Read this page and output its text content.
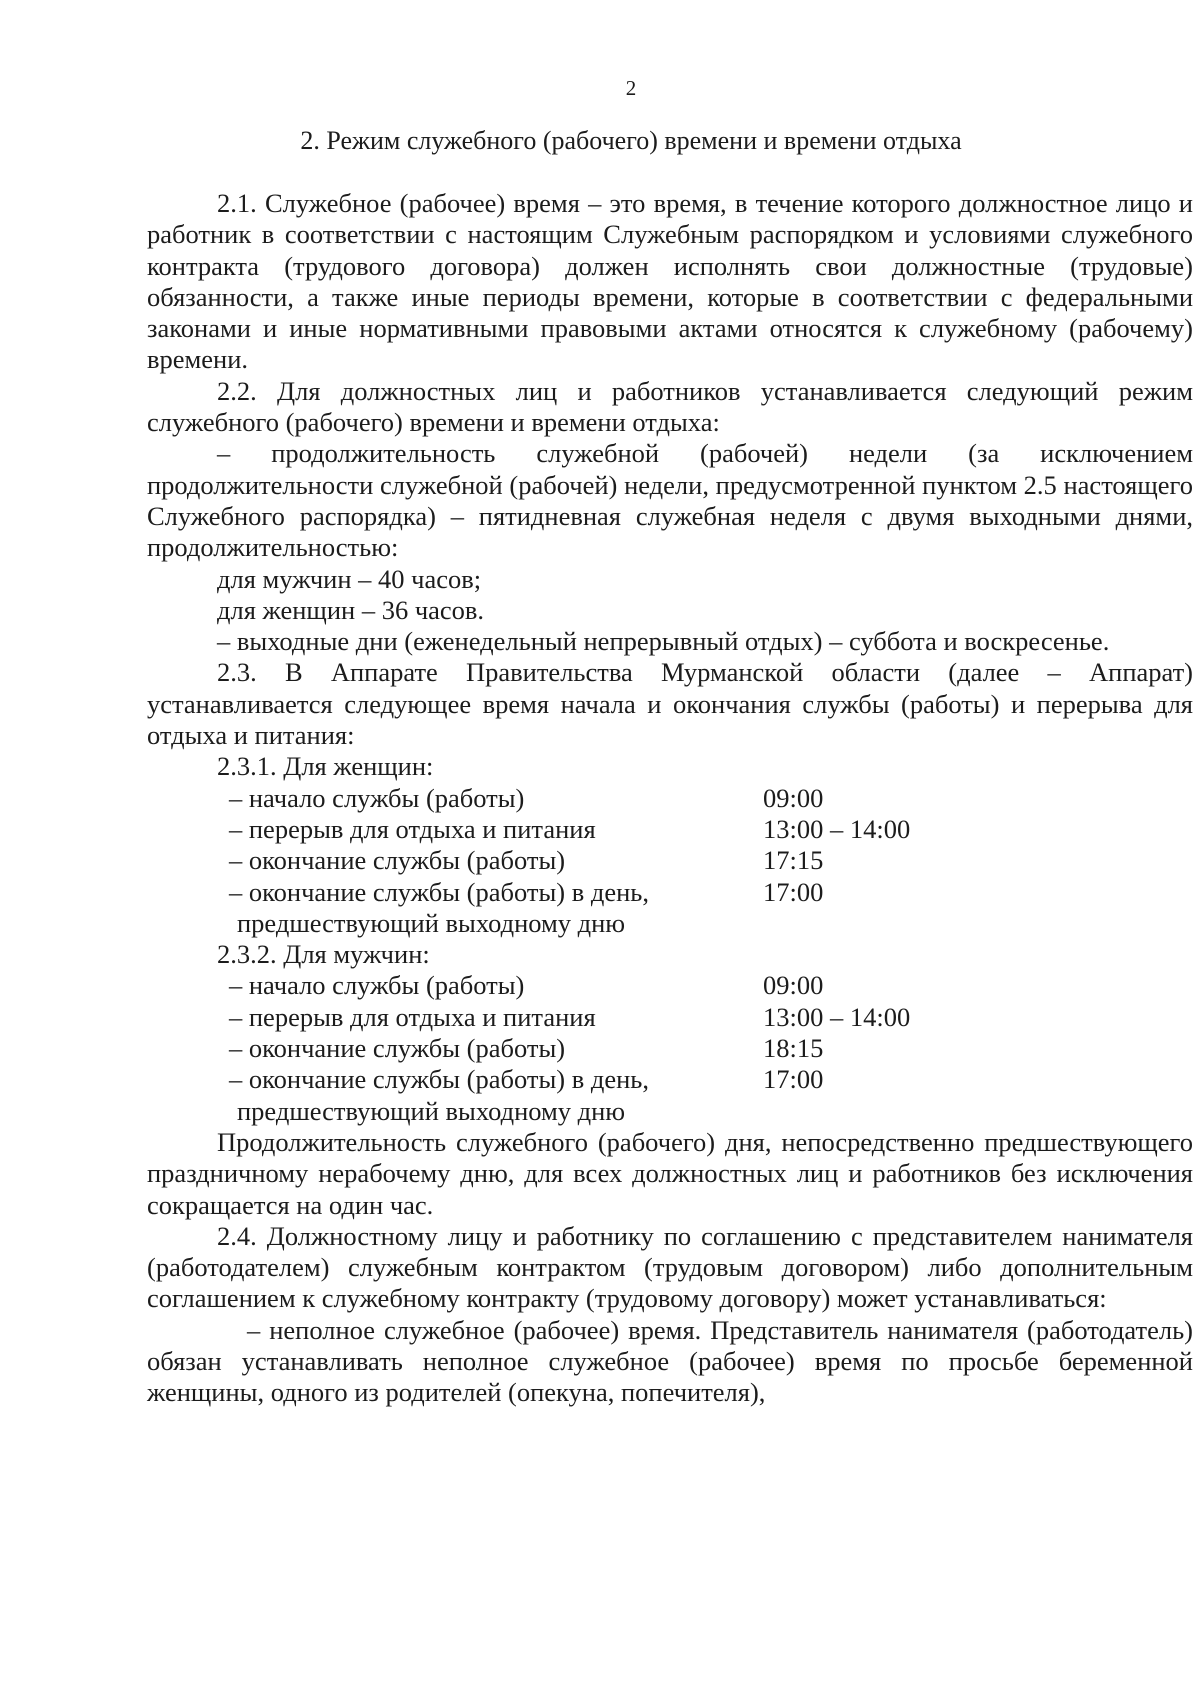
2
2. Режим служебного (рабочего) времени и времени отдыха

2.1. Служебное (рабочее) время – это время, в течение которого должностное лицо и работник в соответствии с настоящим Служебным распорядком и условиями служебного контракта (трудового договора) должен исполнять свои должностные (трудовые) обязанности, а также иные периоды времени, которые в соответствии с федеральными законами и иные нормативными правовыми актами относятся к служебному (рабочему) времени.

2.2. Для должностных лиц и работников устанавливается следующий режим служебного (рабочего) времени и времени отдыха:

– продолжительность служебной (рабочей) недели (за исключением продолжительности служебной (рабочей) недели, предусмотренной пунктом 2.5 настоящего Служебного распорядка) – пятидневная служебная неделя с двумя выходными днями, продолжительностью:

для мужчин – 40 часов;

для женщин – 36 часов.

– выходные дни (еженедельный непрерывный отдых) – суббота и воскресенье.

2.3. В Аппарате Правительства Мурманской области (далее – Аппарат) устанавливается следующее время начала и окончания службы (работы) и перерыва для отдыха и питания:

2.3.1. Для женщин:

– начало службы (работы)	09:00
– перерыв для отдыха и питания	13:00 – 14:00
– окончание службы (работы)	17:15
– окончание службы (работы) в день,	17:00

предшествующий выходному дню

2.3.2. Для мужчин:

– начало службы (работы)	09:00
– перерыв для отдыха и питания	13:00 – 14:00
– окончание службы (работы)	18:15
– окончание службы (работы) в день,	17:00

предшествующий выходному дню

Продолжительность служебного (рабочего) дня, непосредственно предшествующего праздничному нерабочему дню, для всех должностных лиц и работников без исключения сокращается на один час.

2.4. Должностному лицу и работнику по соглашению с представителем нанимателя (работодателем) служебным контрактом (трудовым договором) либо дополнительным соглашением к служебному контракту (трудовому договору) может устанавливаться:

– неполное служебное (рабочее) время. Представитель нанимателя (работодатель) обязан устанавливать неполное служебное (рабочее) время по просьбе беременной женщины, одного из родителей (опекуна, попечителя),
